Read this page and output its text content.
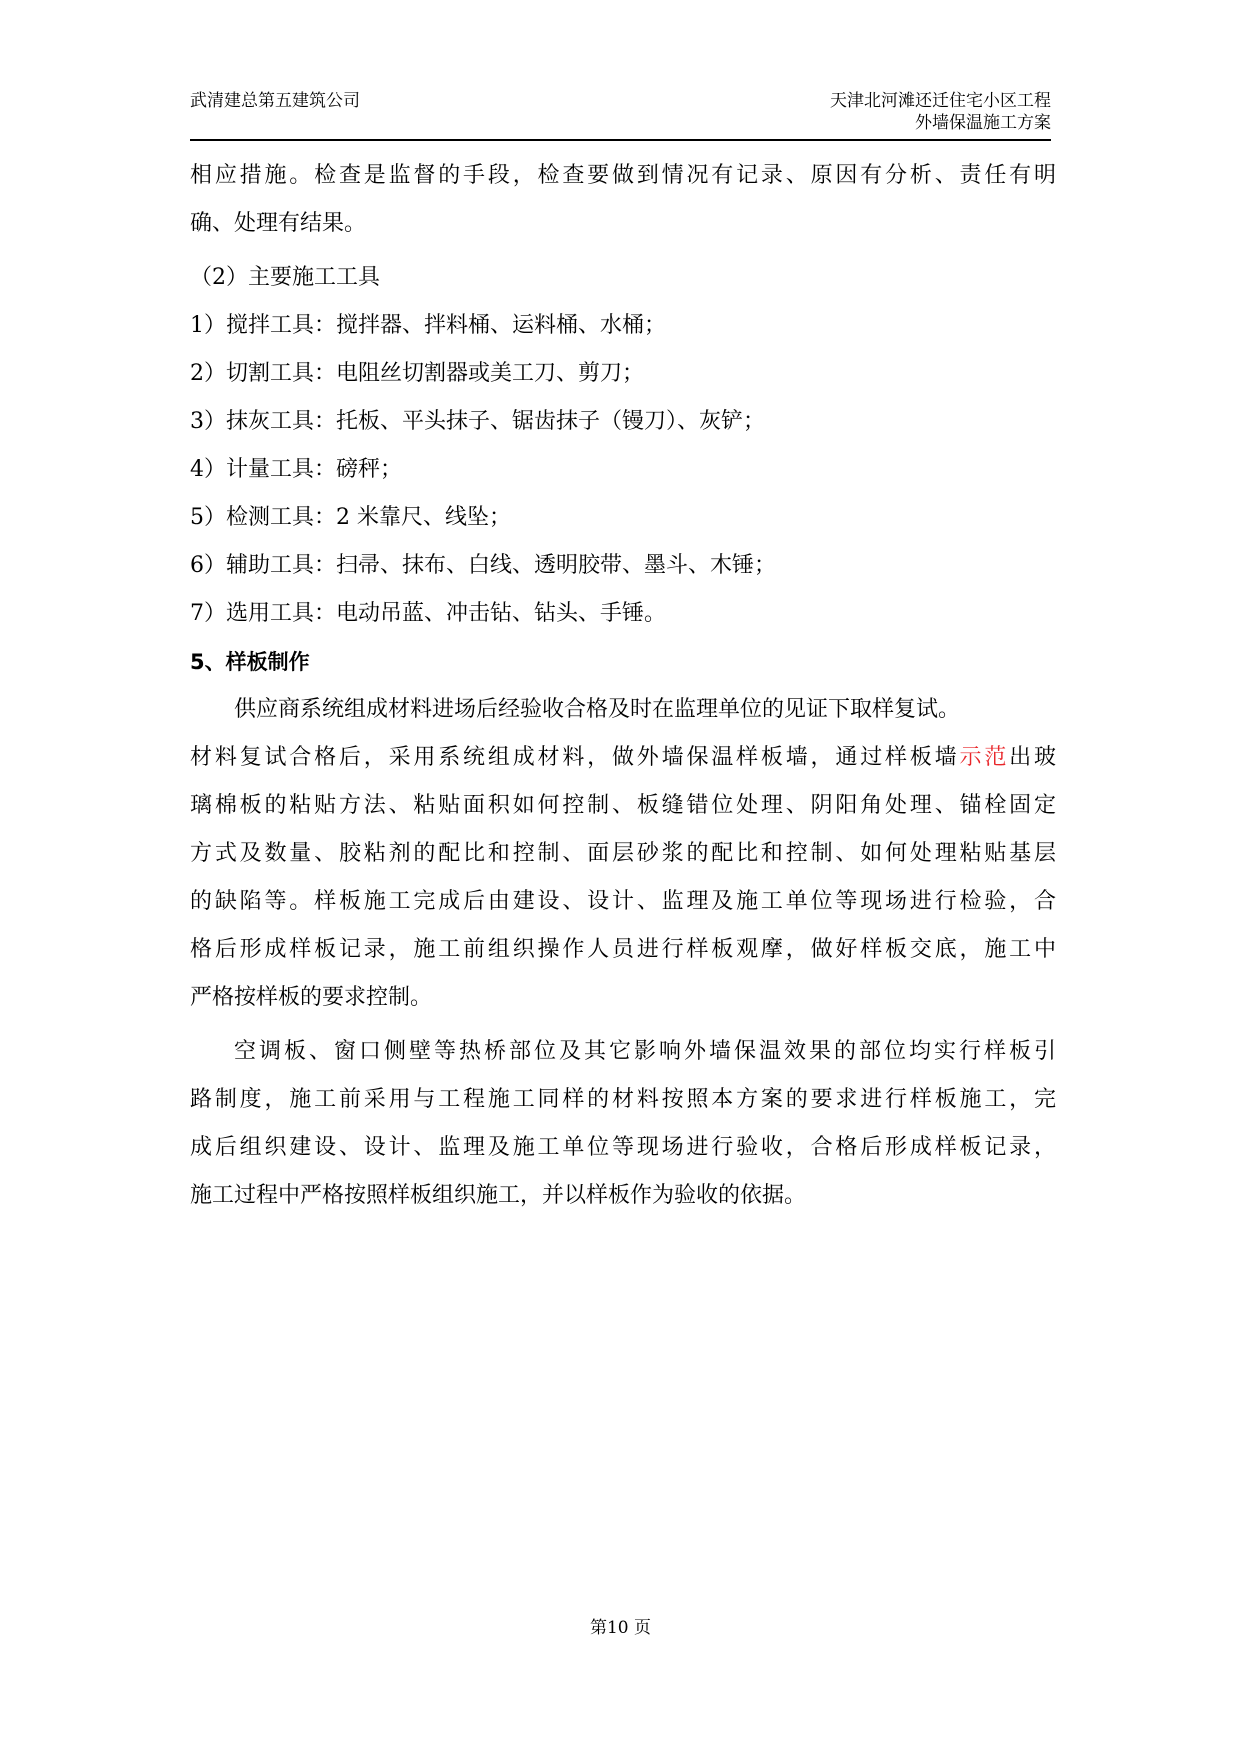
武清建总第五建筑公司	天津北河滩还迁住宅小区工程
外墙保温施工方案
相应措施。检查是监督的手段，检查要做到情况有记录、原因有分析、责任有明
确、处理有结果。
（2）主要施工工具
1）搅拌工具：搅拌器、拌料桶、运料桶、水桶；
2）切割工具：电阻丝切割器或美工刀、剪刀；
3）抹灰工具：托板、平头抹子、锯齿抹子（镘刀）、灰铲；
4）计量工具：磅秤；
5）检测工具：2 米靠尺、线坠；
6）辅助工具：扫帚、抹布、白线、透明胶带、墨斗、木锤；
7）选用工具：电动吊蓝、冲击钻、钻头、手锤。
5、样板制作
供应商系统组成材料进场后经验收合格及时在监理单位的见证下取样复试。
材料复试合格后，采用系统组成材料，做外墙保温样板墙，通过样板墙示范出玻
璃棉板的粘贴方法、粘贴面积如何控制、板缝错位处理、阴阳角处理、锚栓固定
方式及数量、胶粘剂的配比和控制、面层砂浆的配比和控制、如何处理粘贴基层
的缺陷等。样板施工完成后由建设、设计、监理及施工单位等现场进行检验，合
格后形成样板记录，施工前组织操作人员进行样板观摩，做好样板交底，施工中
严格按样板的要求控制。
空调板、窗口侧壁等热桥部位及其它影响外墙保温效果的部位均实行样板引
路制度，施工前采用与工程施工同样的材料按照本方案的要求进行样板施工，完
成后组织建设、设计、监理及施工单位等现场进行验收，合格后形成样板记录，
施工过程中严格按照样板组织施工，并以样板作为验收的依据。
第10 页
